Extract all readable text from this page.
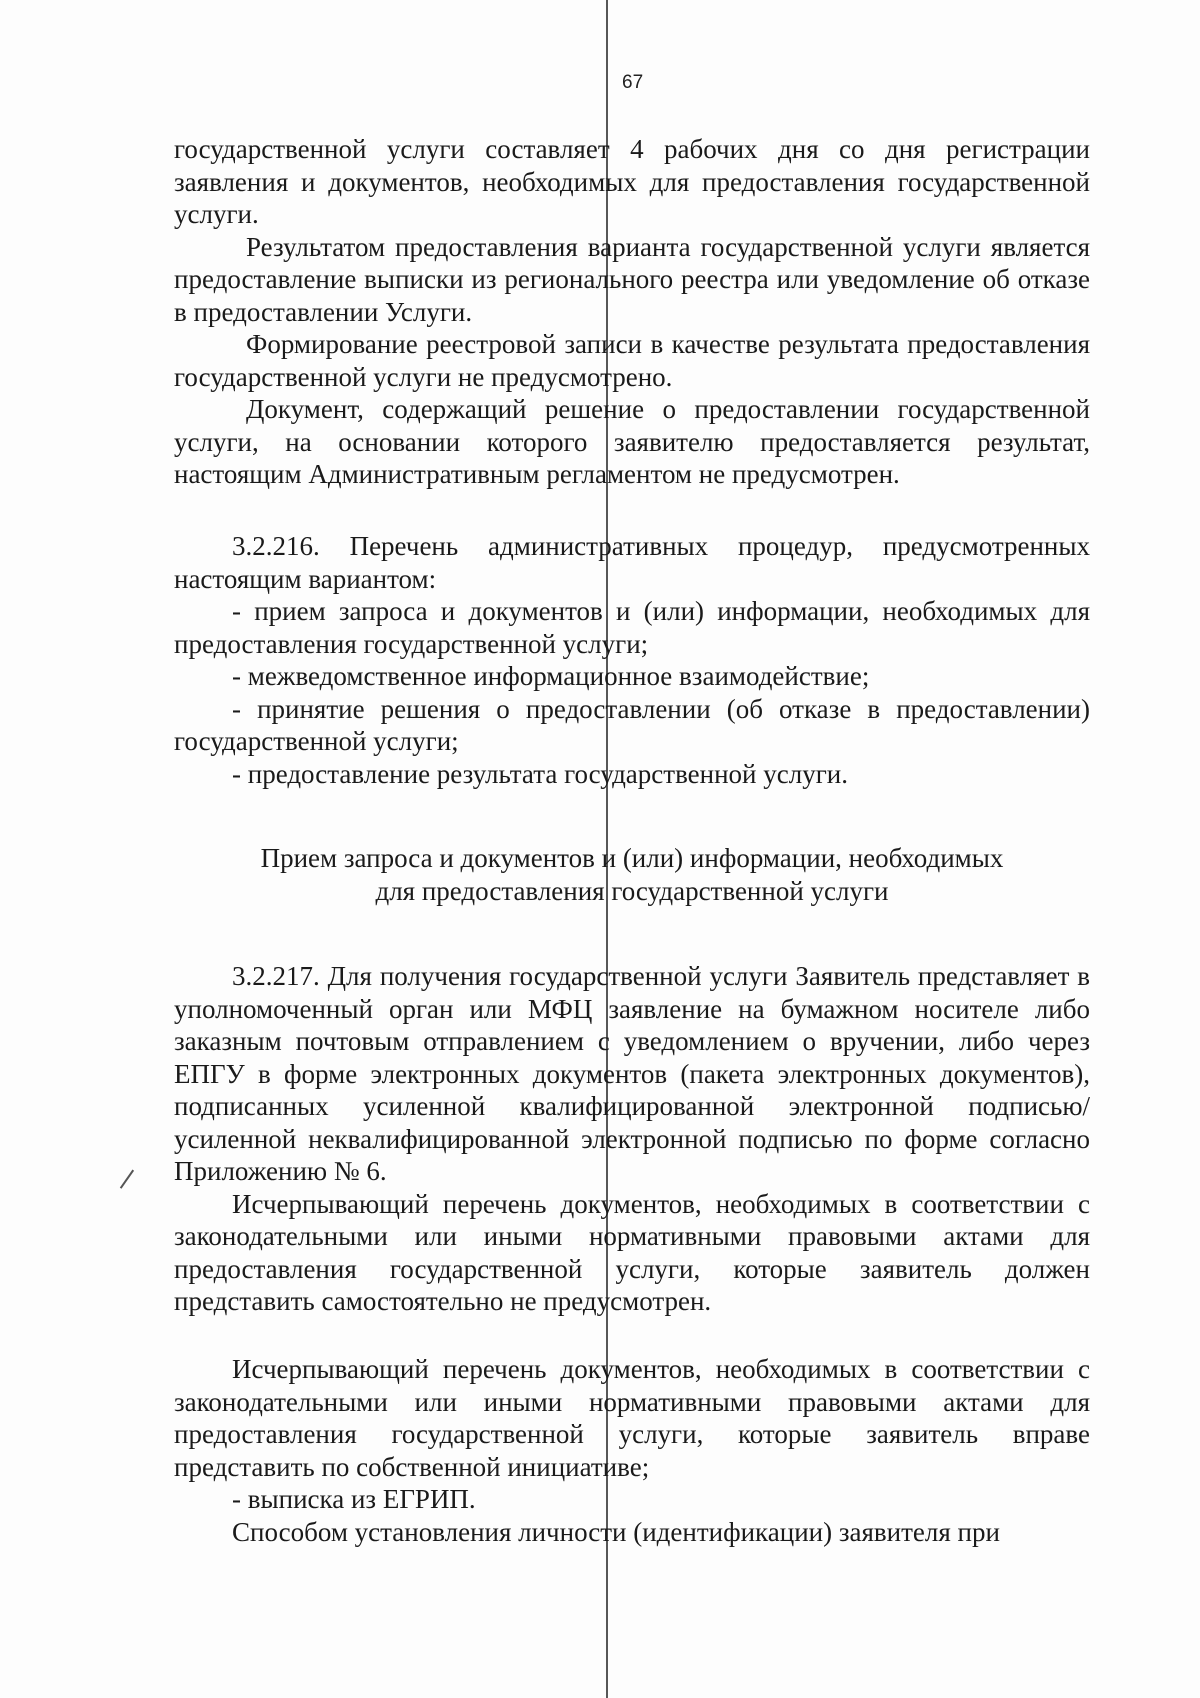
67

государственной услуги составляет 4 рабочих дня со дня регистрации заявления и документов, необходимых для предоставления государственной услуги.

Результатом предоставления варианта государственной услуги является предоставление выписки из регионального реестра или уведомление об отказе в предоставлении Услуги.

Формирование реестровой записи в качестве результата предоставления государственной услуги не предусмотрено.

Документ, содержащий решение о предоставлении государственной услуги, на основании которого заявителю предоставляется результат, настоящим Административным регламентом не предусмотрен.

3.2.216. Перечень административных процедур, предусмотренных настоящим вариантом:

- прием запроса и документов и (или) информации, необходимых для предоставления государственной услуги;

- межведомственное информационное взаимодействие;

- принятие решения о предоставлении (об отказе в предоставлении) государственной услуги;

- предоставление результата государственной услуги.

Прием запроса и документов и (или) информации, необходимых

для предоставления государственной услуги

3.2.217. Для получения государственной услуги Заявитель представляет в уполномоченный орган или МФЦ заявление на бумажном носителе либо заказным почтовым отправлением с уведомлением о вручении, либо через ЕПГУ в форме электронных документов (пакета электронных документов), подписанных усиленной квалифицированной электронной подписью/усиленной неквалифицированной электронной подписью по форме согласно Приложению № 6.

Исчерпывающий перечень документов, необходимых в соответствии с законодательными или иными нормативными правовыми актами для предоставления государственной услуги, которые заявитель должен представить самостоятельно не предусмотрен.

Исчерпывающий перечень документов, необходимых в соответствии с законодательными или иными нормативными правовыми актами для предоставления государственной услуги, которые заявитель вправе представить по собственной инициативе;

- выписка из ЕГРИП.

Способом установления личности (идентификации) заявителя при
